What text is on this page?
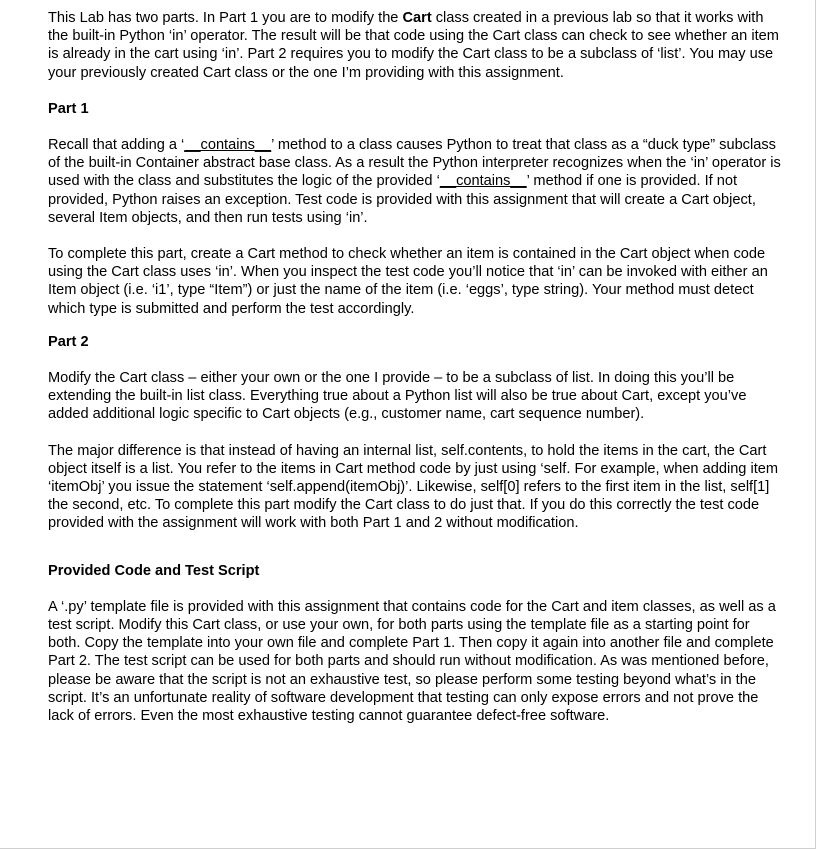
This Lab has two parts. In Part 1 you are to modify the Cart class created in a previous lab so that it works with the built-in Python ‘in’ operator. The result will be that code using the Cart class can check to see whether an item is already in the cart using ‘in’. Part 2 requires you to modify the Cart class to be a subclass of ‘list’. You may use your previously created Cart class or the one I’m providing with this assignment.

Part 1

Recall that adding a ‘__contains__’ method to a class causes Python to treat that class as a “duck type” subclass of the built-in Container abstract base class. As a result the Python interpreter recognizes when the ‘in’ operator is used with the class and substitutes the logic of the provided ‘__contains__’ method if one is provided. If not provided, Python raises an exception. Test code is provided with this assignment that will create a Cart object, several Item objects, and then run tests using ‘in’.

To complete this part, create a Cart method to check whether an item is contained in the Cart object when code using the Cart class uses ‘in’. When you inspect the test code you’ll notice that ‘in’ can be invoked with either an Item object (i.e. ‘i1’, type “Item”) or just the name of the item (i.e. ‘eggs’, type string). Your method must detect which type is submitted and perform the test accordingly.

Part 2

Modify the Cart class – either your own or the one I provide – to be a subclass of list. In doing this you’ll be extending the built-in list class. Everything true about a Python list will also be true about Cart, except you’ve added additional logic specific to Cart objects (e.g., customer name, cart sequence number).

The major difference is that instead of having an internal list, self.contents, to hold the items in the cart, the Cart object itself is a list. You refer to the items in Cart method code by just using ‘self. For example, when adding item ‘itemObj’ you issue the statement ‘self.append(itemObj)’. Likewise, self[0] refers to the first item in the list, self[1] the second, etc. To complete this part modify the Cart class to do just that. If you do this correctly the test code provided with the assignment will work with both Part 1 and 2 without modification.

Provided Code and Test Script

A ‘.py’ template file is provided with this assignment that contains code for the Cart and item classes, as well as a test script. Modify this Cart class, or use your own, for both parts using the template file as a starting point for both. Copy the template into your own file and complete Part 1. Then copy it again into another file and complete Part 2. The test script can be used for both parts and should run without modification. As was mentioned before, please be aware that the script is not an exhaustive test, so please perform some testing beyond what’s in the script. It’s an unfortunate reality of software development that testing can only expose errors and not prove the lack of errors. Even the most exhaustive testing cannot guarantee defect-free software.
